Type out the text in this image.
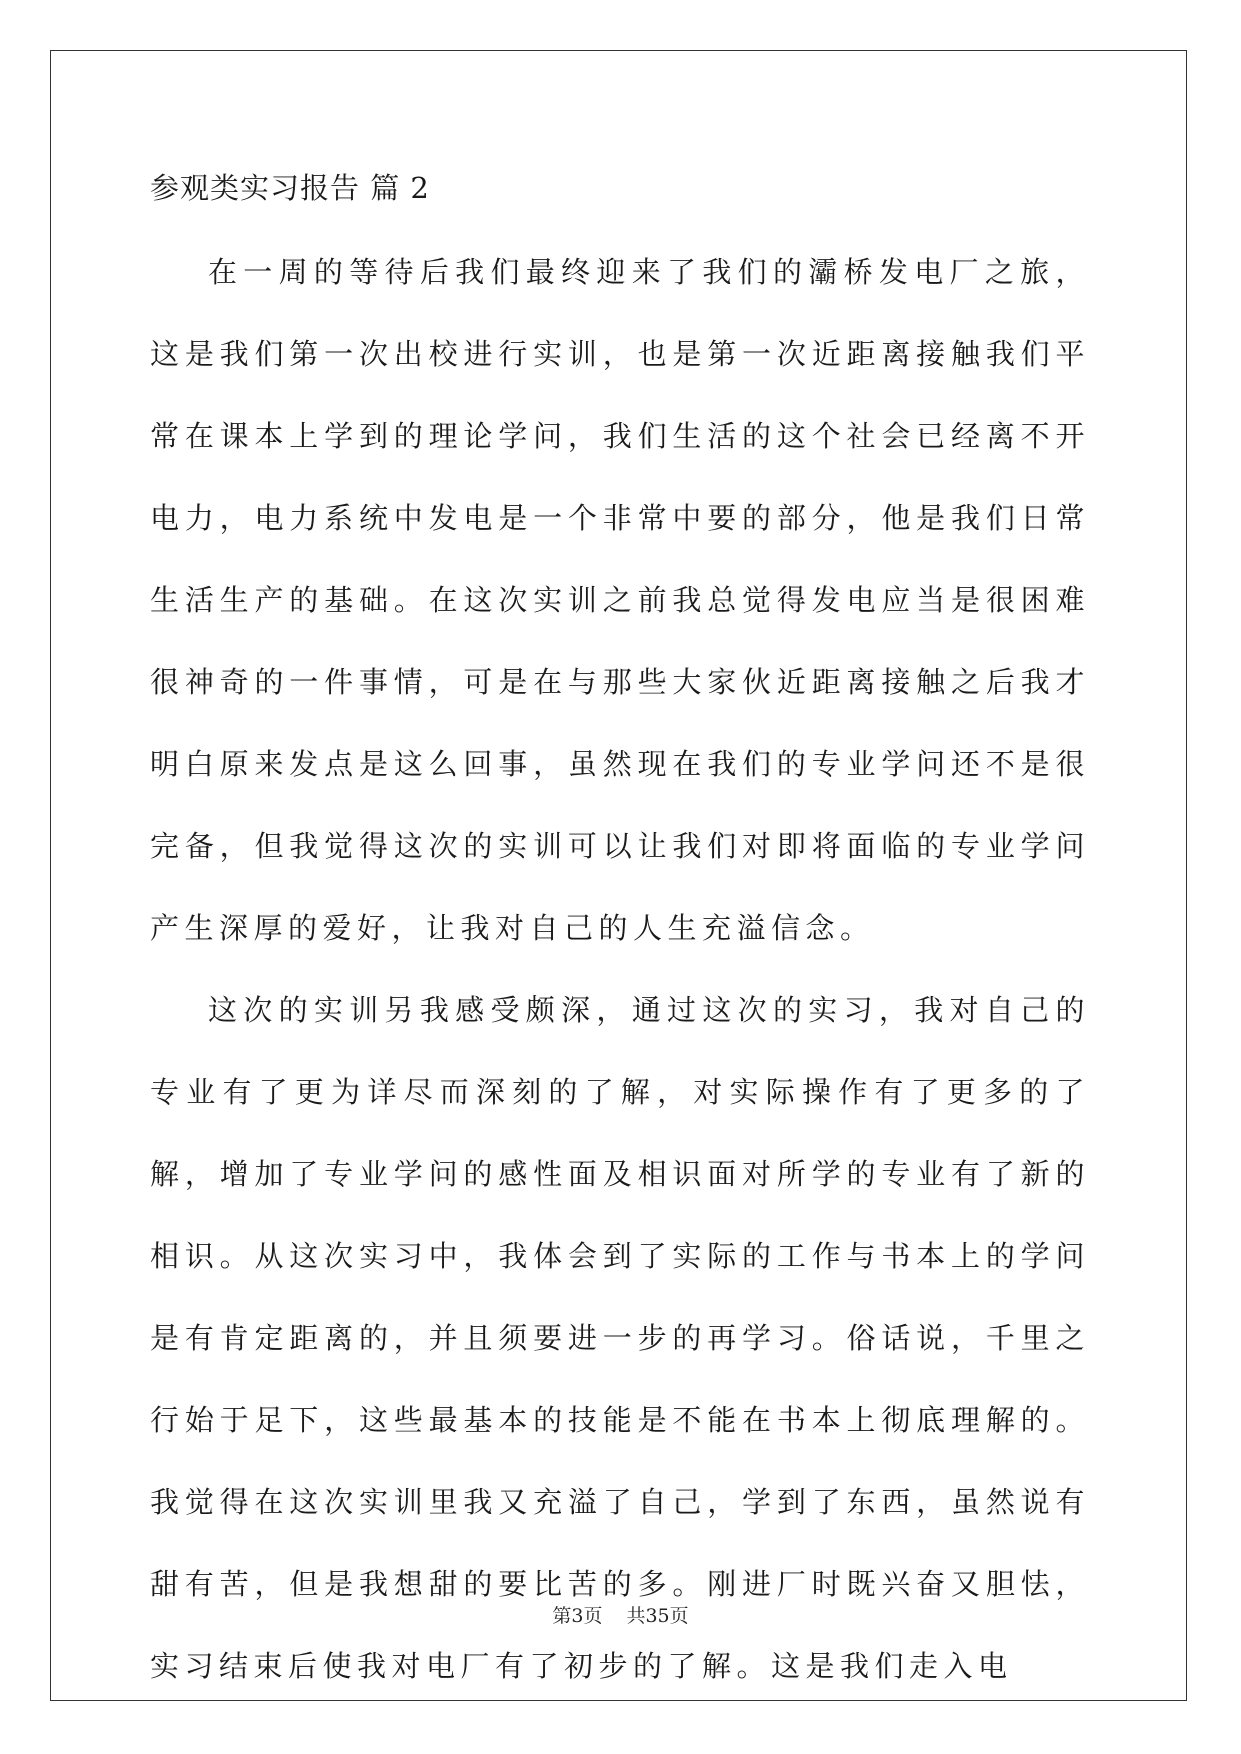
参观类实习报告 篇 2

在一周的等待后我们最终迎来了我们的灞桥发电厂之旅，这是我们第一次出校进行实训，也是第一次近距离接触我们平常在课本上学到的理论学问，我们生活的这个社会已经离不开电力，电力系统中发电是一个非常中要的部分，他是我们日常生活生产的基础。在这次实训之前我总觉得发电应当是很困难很神奇的一件事情，可是在与那些大家伙近距离接触之后我才明白原来发点是这么回事，虽然现在我们的专业学问还不是很完备，但我觉得这次的实训可以让我们对即将面临的专业学问产生深厚的爱好，让我对自己的人生充溢信念。

这次的实训另我感受颇深，通过这次的实习，我对自己的专业有了更为详尽而深刻的了解，对实际操作有了更多的了解，增加了专业学问的感性面及相识面对所学的专业有了新的相识。从这次实习中，我体会到了实际的工作与书本上的学问是有肯定距离的，并且须要进一步的再学习。俗话说，千里之行始于足下，这些最基本的技能是不能在书本上彻底理解的。我觉得在这次实训里我又充溢了自己，学到了东西，虽然说有甜有苦，但是我想甜的要比苦的多。刚进厂时既兴奋又胆怯，实习结束后使我对电厂有了初步的了解。这是我们走入电

第3页 共35页
